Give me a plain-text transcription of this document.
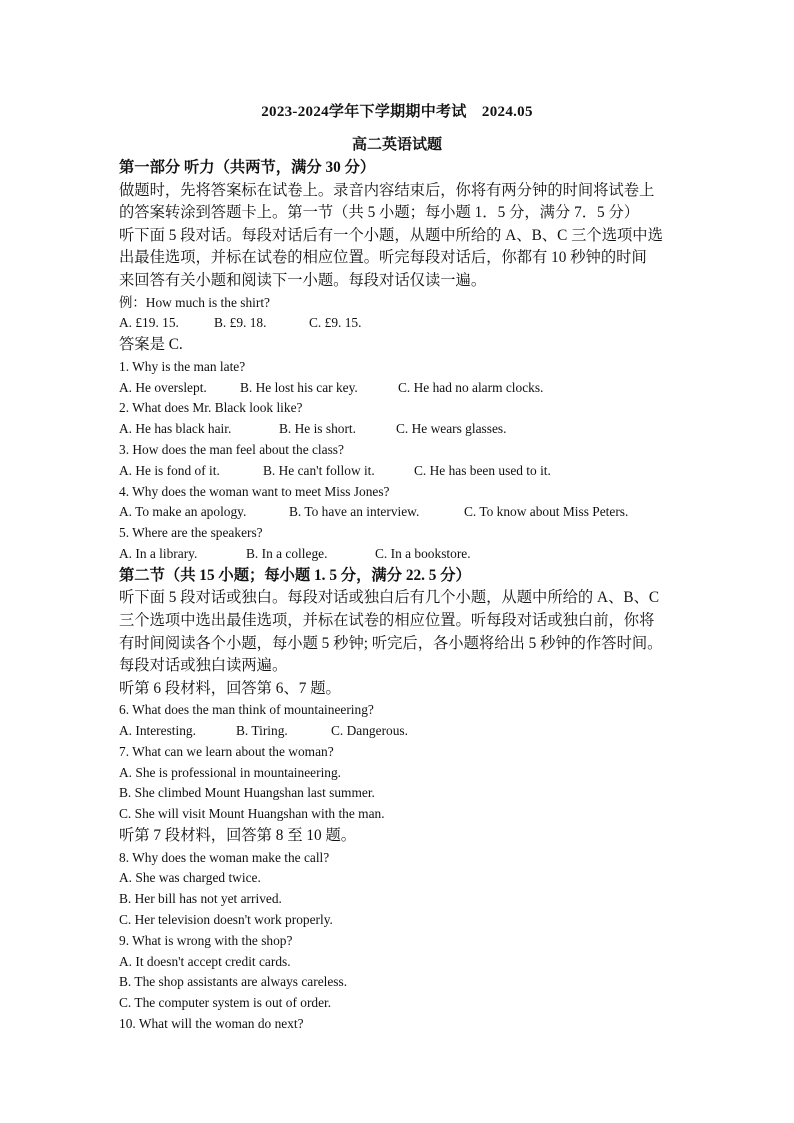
2023-2024学年下学期期中考试　2024.05
高二英语试题
第一部分 听力（共两节，满分 30 分）
做题时，先将答案标在试卷上。录音内容结束后，你将有两分钟的时间将试卷上
的答案转涂到答题卡上。第一节（共 5 小题；每小题 1．5 分，满分 7．5 分）
听下面 5 段对话。每段对话后有一个小题，从题中所给的 A、B、C 三个选项中选
出最佳选项，并标在试卷的相应位置。听完每段对话后，你都有 10 秒钟的时间
来回答有关小题和阅读下一小题。每段对话仅读一遍。
例：How much is the shirt?
A. £19. 15.	B. £9. 18.	C. £9. 15.
答案是 C.
1. Why is the man late?
A. He overslept. B. He lost his car key.	C. He had no alarm clocks.
2. What does Mr. Black look like?
A. He has black hair.	B. He is short.	C. He wears glasses.
3. How does the man feel about the class?
A. He is fond of it.	B. He can't follow it.	C. He has been used to it.
4. Why does the woman want to meet Miss Jones?
A. To make an apology.	B. To have an interview.	C. To know about Miss Peters.
5. Where are the speakers?
A. In a library.	B. In a college.	C. In a bookstore.
第二节（共 15 小题；每小题 1. 5 分，满分 22. 5 分）
听下面 5 段对话或独白。每段对话或独白后有几个小题，从题中所给的 A、B、C
三个选项中选出最佳选项，并标在试卷的相应位置。听每段对话或独白前，你将
有时间阅读各个小题，每小题 5 秒钟; 听完后，各小题将给出 5 秒钟的作答时间。
每段对话或独白读两遍。
听第 6 段材料，回答第 6、7 题。
6. What does the man think of mountaineering?
A. Interesting.	B. Tiring.	C. Dangerous.
7. What can we learn about the woman?
A. She is professional in mountaineering.
B. She climbed Mount Huangshan last summer.
C. She will visit Mount Huangshan with the man.
听第 7 段材料，回答第 8 至 10 题。
8. Why does the woman make the call?
A. She was charged twice.
B. Her bill has not yet arrived.
C. Her television doesn't work properly.
9. What is wrong with the shop?
A. It doesn't accept credit cards.
B. The shop assistants are always careless.
C. The computer system is out of order.
10. What will the woman do next?
